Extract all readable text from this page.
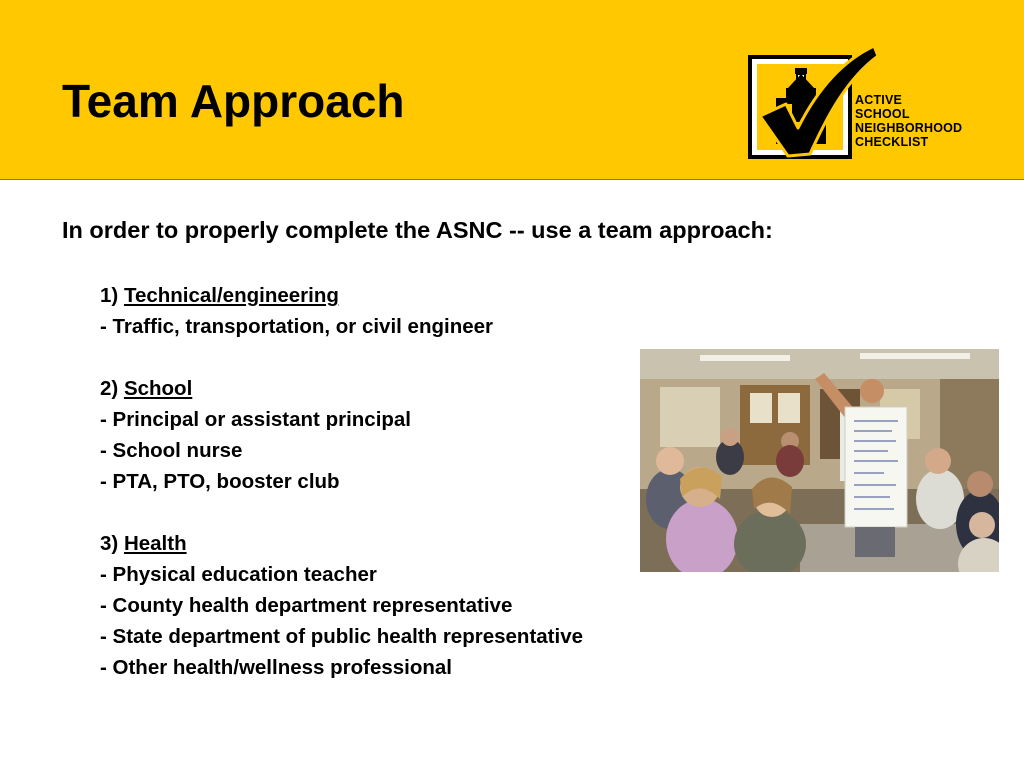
Team Approach	ACTIVE
SCHOOL
NEIGHBORHOOD
CHECKLIST

In order to properly complete the ASNC -- use a team approach:

1) Technical/engineering
- Traffic, transportation, or civil engineer
2) School
- Principal or assistant principal
- School nurse
- PTA, PTO, booster club
3) Health
- Physical education teacher
- County health department representative
- State department of public health representative
- Other health/wellness professional
